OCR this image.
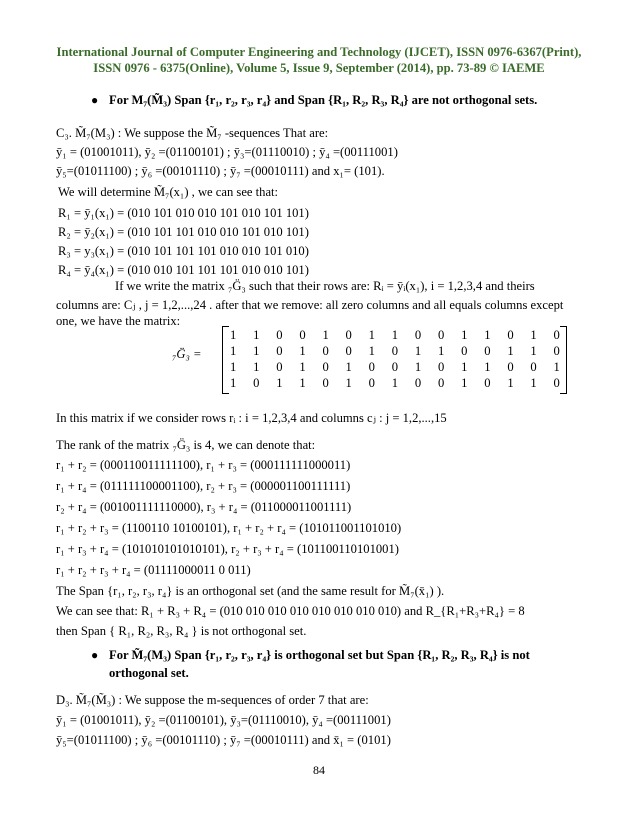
International Journal of Computer Engineering and Technology (IJCET), ISSN 0976-6367(Print),
ISSN 0976 - 6375(Online), Volume 5, Issue 9, September (2014), pp. 73-89 © IAEME
● For M₇(M̃₃) Span {r₁, r₂, r₃, r₄} and Span {R₁, R₂, R₃, R₄} are not orthogonal sets.
C₃. M̃₇(M₃) : We suppose the M̃₇ -sequences That are:
ȳ₁ = (01001011), ȳ₂ =(01100101) ; ȳ₃=(01110010) ; ȳ₄ =(00111001)
ȳ₅=(01011100) ; ȳ₆ =(00101110) ; ȳ₇ =(00010111) and x₁= (101).
We will determine M̃₇(x₁) , we can see that:
R₁ = ȳ₁(x₁) = (010 101 010 010 101 010 101 101)
R₂ = ȳ₂(x₁) = (010 101 101 010 010 101 010 101)
R₃ = y₃(x₁) = (010 101 101 101 010 010 101 010)
R₄ = ȳ₄(x₁) = (010 010 101 101 101 010 010 101)
If we write the matrix ₇G̈₃ such that their rows are: Rᵢ = ȳᵢ(x₁), i = 1,2,3,4 and theirs
columns are: Cⱼ , j = 1,2,...,24 . after that we remove: all zero columns and all equals columns except
one, we have the matrix:
₇G̈₃ =
1 1 0 0 1 0 1 1 0 0 1 1 0 1 0
1 1 0 1 0 0 1 0 1 1 0 0 1 1 0
1 1 0 1 0 1 0 0 1 0 1 1 0 0 1
1 0 1 1 0 1 0 1 0 0 1 0 1 1 0
In this matrix if we consider rows rᵢ : i = 1,2,3,4 and columns cⱼ : j = 1,2,...,15
The rank of the matrix ₇G̈₃ is 4, we can denote that:
r₁ + r₂ = (000110011111100), r₁ + r₃ = (000111111000011)
r₁ + r₄ = (011111100001100), r₂ + r₃ = (000001100111111)
r₂ + r₄ = (001001111110000), r₃ + r₄ = (011000011001111)
r₁ + r₂ + r₃ = (1100110 10100101), r₁ + r₂ + r₄ = (101011001101010)
r₁ + r₃ + r₄ = (101010101010101), r₂ + r₃ + r₄ = (101100110101001)
r₁ + r₂ + r₃ + r₄ = (01111000011 0 011)
The Span {r₁, r₂, r₃, r₄} is an orthogonal set (and the same result for M̃₇(x̄₁) ).
We can see that: R₁ + R₃ + R₄ = (010 010 010 010 010 010 010 010) and R_{R₁+R₃+R₄} = 8
then Span { R₁, R₂, R₃, R₄ } is not orthogonal set.
● For M̃₇(M₃) Span {r₁, r₂, r₃, r₄} is orthogonal set but Span {R₁, R₂, R₃, R₄} is not
orthogonal set.
D₃. M̃₇(M̃₃) : We suppose the m-sequences of order 7 that are:
ȳ₁ = (01001011), ȳ₂ =(01100101), ȳ₃=(01110010), ȳ₄ =(00111001)
ȳ₅=(01011100) ; ȳ₆ =(00101110) ; ȳ₇ =(00010111) and x̄₁ = (0101)
84
